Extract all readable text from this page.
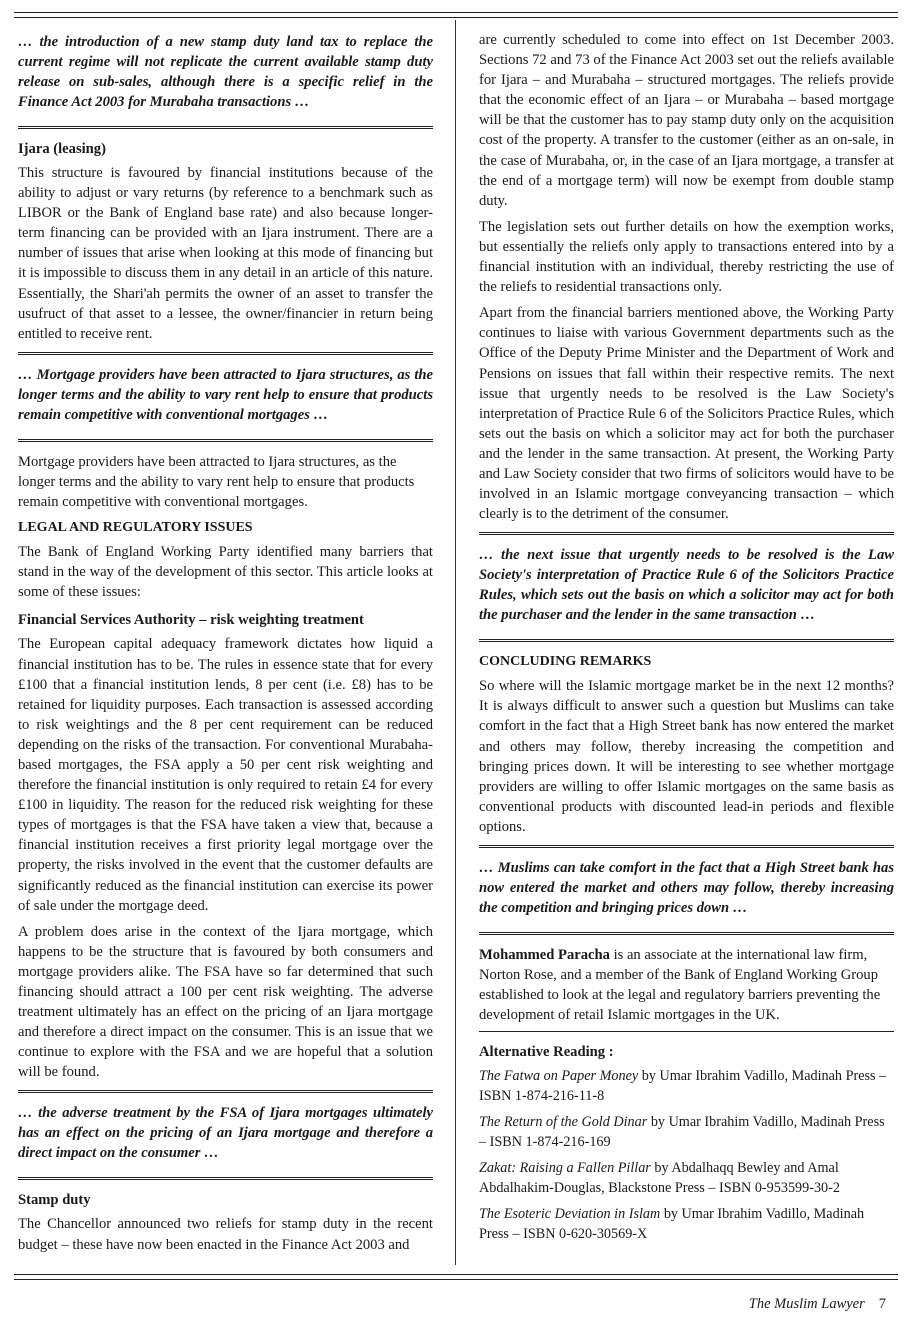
… the introduction of a new stamp duty land tax to replace the current regime will not replicate the current available stamp duty release on sub-sales, although there is a specific relief in the Finance Act 2003 for Murabaha transactions …

Ijara (leasing)

This structure is favoured by financial institutions because of the ability to adjust or vary returns (by reference to a benchmark such as LIBOR or the Bank of England base rate) and also because longer-term financing can be provided with an Ijara instrument. There are a number of issues that arise when looking at this mode of financing but it is impossible to discuss them in any detail in an article of this nature. Essentially, the Shari'ah permits the owner of an asset to transfer the usufruct of that asset to a lessee, the owner/financier in return being entitled to receive rent.

… Mortgage providers have been attracted to Ijara structures, as the longer terms and the ability to vary rent help to ensure that products remain competitive with conventional mortgages …

Mortgage providers have been attracted to Ijara structures, as the longer terms and the ability to vary rent help to ensure that products remain competitive with conventional mortgages.

LEGAL AND REGULATORY ISSUES

The Bank of England Working Party identified many barriers that stand in the way of the development of this sector. This article looks at some of these issues:

Financial Services Authority – risk weighting treatment

The European capital adequacy framework dictates how liquid a financial institution has to be. The rules in essence state that for every £100 that a financial institution lends, 8 per cent (i.e. £8) has to be retained for liquidity purposes. Each transaction is assessed according to risk weightings and the 8 per cent requirement can be reduced depending on the risks of the transaction. For conventional Murabaha-based mortgages, the FSA apply a 50 per cent risk weighting and therefore the financial institution is only required to retain £4 for every £100 in liquidity. The reason for the reduced risk weighting for these types of mortgages is that the FSA have taken a view that, because a financial institution receives a first priority legal mortgage over the property, the risks involved in the event that the customer defaults are significantly reduced as the financial institution can exercise its power of sale under the mortgage deed.

A problem does arise in the context of the Ijara mortgage, which happens to be the structure that is favoured by both consumers and mortgage providers alike. The FSA have so far determined that such financing should attract a 100 per cent risk weighting. The adverse treatment ultimately has an effect on the pricing of an Ijara mortgage and therefore a direct impact on the consumer. This is an issue that we continue to explore with the FSA and we are hopeful that a solution will be found.

… the adverse treatment by the FSA of Ijara mortgages ultimately has an effect on the pricing of an Ijara mortgage and therefore a direct impact on the consumer …

Stamp duty

The Chancellor announced two reliefs for stamp duty in the recent budget – these have now been enacted in the Finance Act 2003 and

are currently scheduled to come into effect on 1st December 2003. Sections 72 and 73 of the Finance Act 2003 set out the reliefs available for Ijara – and Murabaha – structured mortgages. The reliefs provide that the economic effect of an Ijara – or Murabaha – based mortgage will be that the customer has to pay stamp duty only on the acquisition cost of the property. A transfer to the customer (either as an on-sale, in the case of Murabaha, or, in the case of an Ijara mortgage, a transfer at the end of a mortgage term) will now be exempt from double stamp duty.

The legislation sets out further details on how the exemption works, but essentially the reliefs only apply to transactions entered into by a financial institution with an individual, thereby restricting the use of the reliefs to residential transactions only.

Apart from the financial barriers mentioned above, the Working Party continues to liaise with various Government departments such as the Office of the Deputy Prime Minister and the Department of Work and Pensions on issues that fall within their respective remits. The next issue that urgently needs to be resolved is the Law Society's interpretation of Practice Rule 6 of the Solicitors Practice Rules, which sets out the basis on which a solicitor may act for both the purchaser and the lender in the same transaction. At present, the Working Party and Law Society consider that two firms of solicitors would have to be involved in an Islamic mortgage conveyancing transaction – which clearly is to the detriment of the consumer.

… the next issue that urgently needs to be resolved is the Law Society's interpretation of Practice Rule 6 of the Solicitors Practice Rules, which sets out the basis on which a solicitor may act for both the purchaser and the lender in the same transaction …

CONCLUDING REMARKS

So where will the Islamic mortgage market be in the next 12 months? It is always difficult to answer such a question but Muslims can take comfort in the fact that a High Street bank has now entered the market and others may follow, thereby increasing the competition and bringing prices down. It will be interesting to see whether mortgage providers are willing to offer Islamic mortgages on the same basis as conventional products with discounted lead-in periods and flexible options.

… Muslims can take comfort in the fact that a High Street bank has now entered the market and others may follow, thereby increasing the competition and bringing prices down …

Mohammed Paracha is an associate at the international law firm, Norton Rose, and a member of the Bank of England Working Group established to look at the legal and regulatory barriers preventing the development of retail Islamic mortgages in the UK.

Alternative Reading :

The Fatwa on Paper Money by Umar Ibrahim Vadillo, Madinah Press – ISBN 1-874-216-11-8

The Return of the Gold Dinar by Umar Ibrahim Vadillo, Madinah Press – ISBN 1-874-216-169

Zakat: Raising a Fallen Pillar by Abdalhaqq Bewley and Amal Abdalhakim-Douglas, Blackstone Press – ISBN 0-953599-30-2

The Esoteric Deviation in Islam by Umar Ibrahim Vadillo, Madinah Press – ISBN 0-620-30569-X

The Muslim Lawyer 7
